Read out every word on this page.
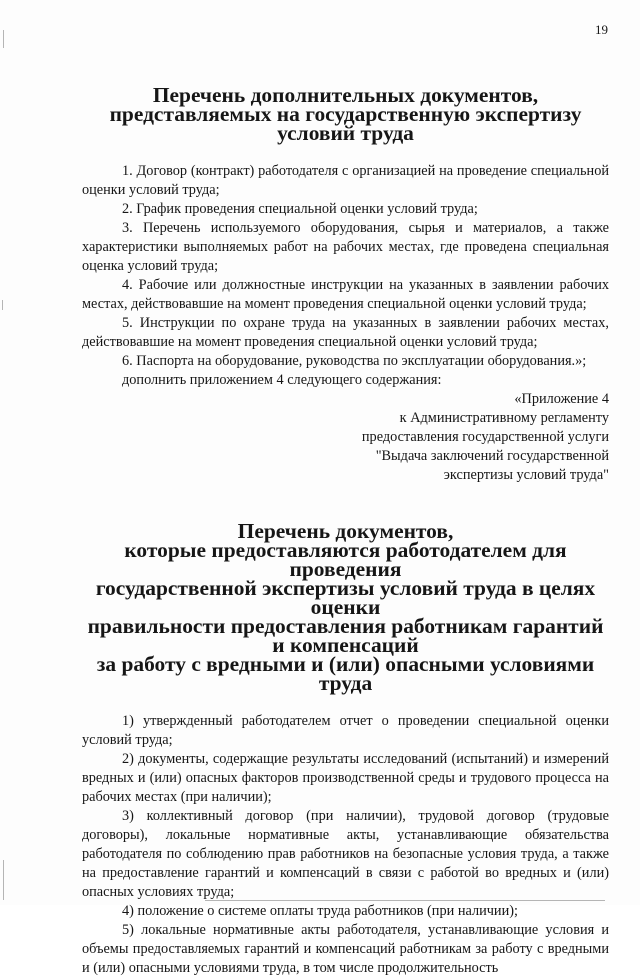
19
Перечень дополнительных документов,
представляемых на государственную экспертизу условий труда
1. Договор (контракт) работодателя с организацией на проведение специальной оценки условий труда;
2. График проведения специальной оценки условий труда;
3. Перечень используемого оборудования, сырья и материалов, а также характеристики выполняемых работ на рабочих местах, где проведена специальная оценка условий труда;
4. Рабочие или должностные инструкции на указанных в заявлении рабочих местах, действовавшие на момент проведения специальной оценки условий труда;
5. Инструкции по охране труда на указанных в заявлении рабочих местах, действовавшие на момент проведения специальной оценки условий труда;
6. Паспорта на оборудование, руководства по эксплуатации оборудования.»;

дополнить приложением 4 следующего содержания:

«Приложение 4
к Административному регламенту
предоставления государственной услуги
"Выдача заключений государственной
экспертизы условий труда"

Перечень документов,
которые предоставляются работодателем для проведения
государственной экспертизы условий труда в целях оценки
правильности предоставления работникам гарантий и компенсаций
за работу с вредными и (или) опасными условиями труда
1) утвержденный работодателем отчет о проведении специальной оценки условий труда;
2) документы, содержащие результаты исследований (испытаний) и измерений вредных и (или) опасных факторов производственной среды и трудового процесса на рабочих местах (при наличии);
3) коллективный договор (при наличии), трудовой договор (трудовые договоры), локальные нормативные акты, устанавливающие обязательства работодателя по соблюдению прав работников на безопасные условия труда, а также на предоставление гарантий и компенсаций в связи с работой во вредных и (или) опасных условиях труда;
4) положение о системе оплаты труда работников (при наличии);
5) локальные нормативные акты работодателя, устанавливающие условия и объемы предоставляемых гарантий и компенсаций работникам за работу с вредными и (или) опасными условиями труда, в том числе продолжительность
